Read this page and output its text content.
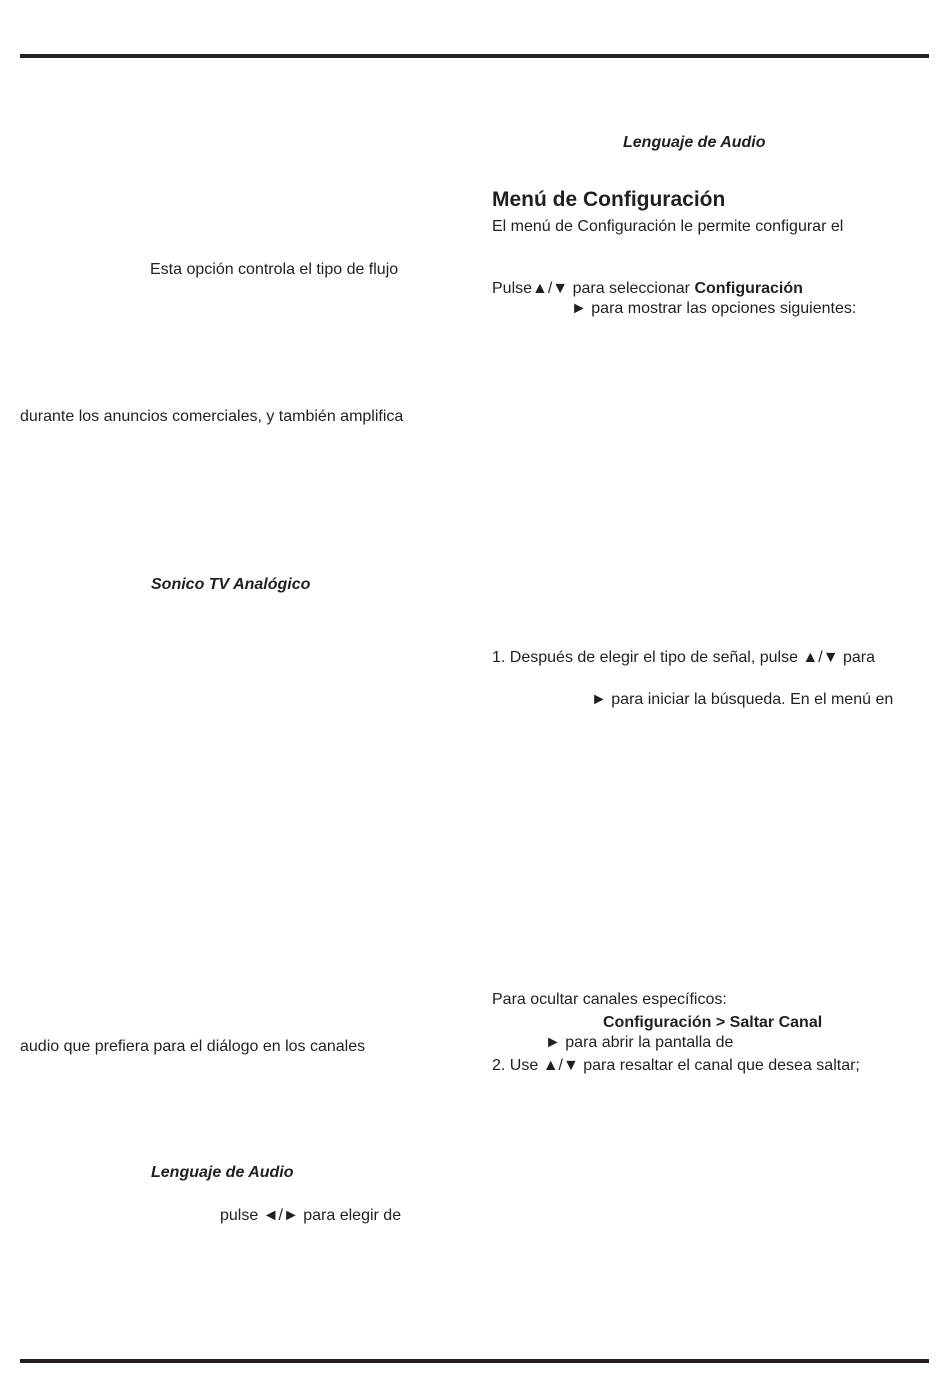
Lenguaje de Audio
Menú de Configuración
El menú de Configuración le permite configurar el
Pulse▲/▼ para seleccionar Configuración
► para mostrar las opciones siguientes:
1. Después de elegir el tipo de señal, pulse ▲/▼ para
► para iniciar la búsqueda. En el menú en
Para ocultar canales específicos:
Configuración > Saltar Canal
► para abrir la pantalla de
2. Use ▲/▼ para resaltar el canal que desea saltar;
Esta opción controla el tipo de flujo
durante los anuncios comerciales, y también amplifica
Sonico TV Analógico
audio que prefiera para el diálogo en los canales
Lenguaje de Audio
pulse ◄/► para elegir de
